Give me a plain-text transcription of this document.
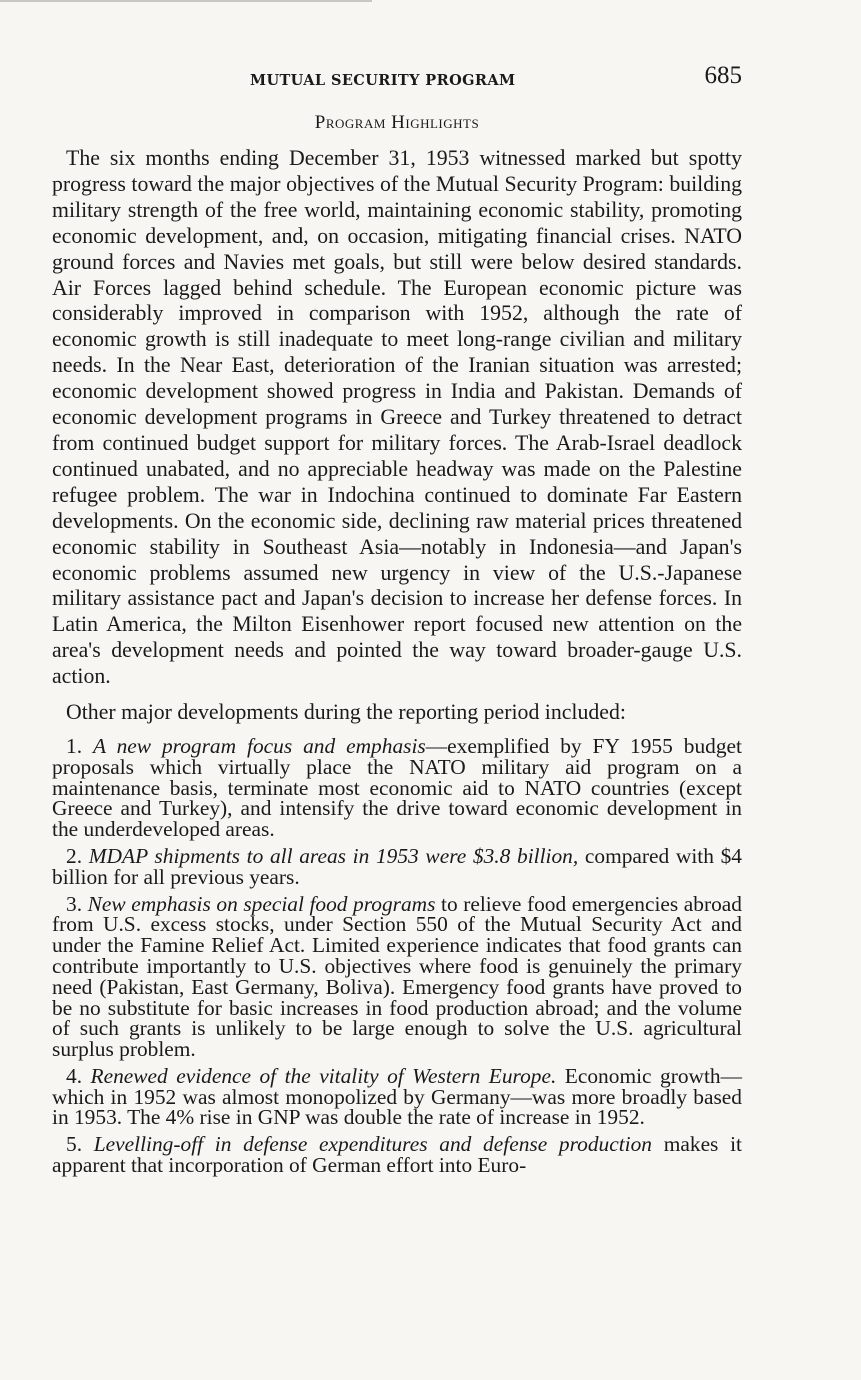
MUTUAL SECURITY PROGRAM	685
Program Highlights

The six months ending December 31, 1953 witnessed marked but spotty progress toward the major objectives of the Mutual Security Program: building military strength of the free world, maintaining economic stability, promoting economic development, and, on occasion, mitigating financial crises. NATO ground forces and Navies met goals, but still were below desired standards. Air Forces lagged behind schedule. The European economic picture was considerably improved in comparison with 1952, although the rate of economic growth is still inadequate to meet long-range civilian and military needs. In the Near East, deterioration of the Iranian situation was arrested; economic development showed progress in India and Pakistan. Demands of economic development programs in Greece and Turkey threatened to detract from continued budget support for military forces. The Arab-Israel deadlock continued unabated, and no appreciable headway was made on the Palestine refugee problem. The war in Indochina continued to dominate Far Eastern developments. On the economic side, declining raw material prices threatened economic stability in Southeast Asia—notably in Indonesia—and Japan's economic problems assumed new urgency in view of the U.S.-Japanese military assistance pact and Japan's decision to increase her defense forces. In Latin America, the Milton Eisenhower report focused new attention on the area's development needs and pointed the way toward broader-gauge U.S. action.

Other major developments during the reporting period included:

1. A new program focus and emphasis—exemplified by FY 1955 budget proposals which virtually place the NATO military aid program on a maintenance basis, terminate most economic aid to NATO countries (except Greece and Turkey), and intensify the drive toward economic development in the underdeveloped areas.

2. MDAP shipments to all areas in 1953 were $3.8 billion, compared with $4 billion for all previous years.

3. New emphasis on special food programs to relieve food emergencies abroad from U.S. excess stocks, under Section 550 of the Mutual Security Act and under the Famine Relief Act. Limited experience indicates that food grants can contribute importantly to U.S. objectives where food is genuinely the primary need (Pakistan, East Germany, Boliva). Emergency food grants have proved to be no substitute for basic increases in food production abroad; and the volume of such grants is unlikely to be large enough to solve the U.S. agricultural surplus problem.

4. Renewed evidence of the vitality of Western Europe. Economic growth—which in 1952 was almost monopolized by Germany—was more broadly based in 1953. The 4% rise in GNP was double the rate of increase in 1952.

5. Levelling-off in defense expenditures and defense production makes it apparent that incorporation of German effort into Euro-
